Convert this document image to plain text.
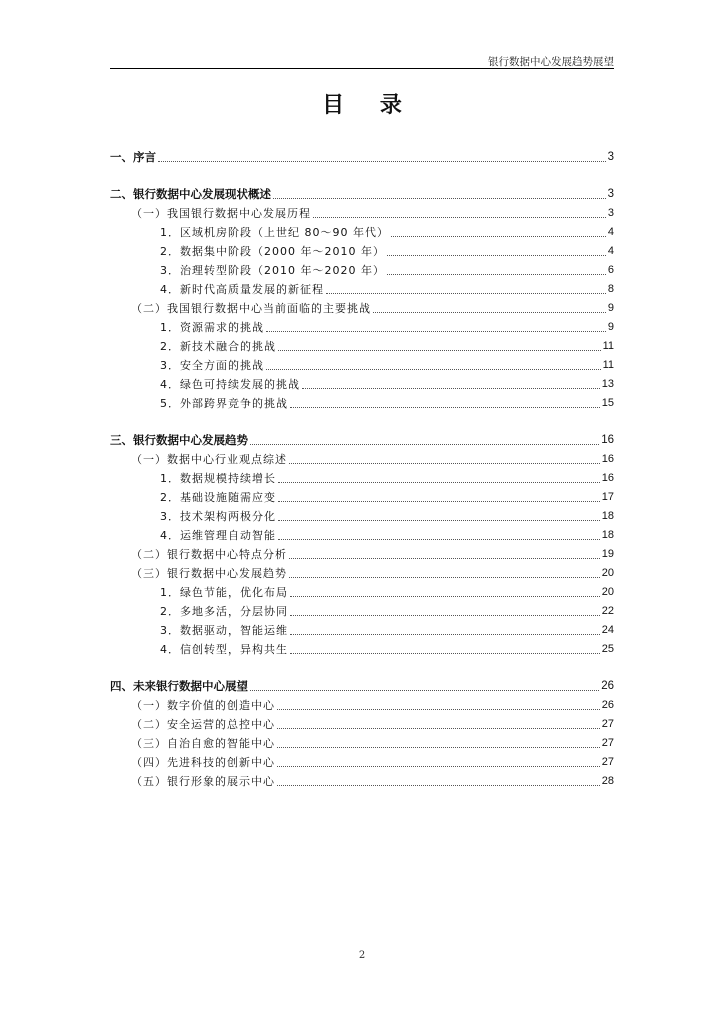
银行数据中心发展趋势展望
目 录
一、序言	3
二、银行数据中心发展现状概述	3
（一）我国银行数据中心发展历程	3
1．区域机房阶段（上世纪 80～90 年代）	4
2．数据集中阶段（2000 年～2010 年）	4
3．治理转型阶段（2010 年～2020 年）	6
4．新时代高质量发展的新征程	8
（二）我国银行数据中心当前面临的主要挑战	9
1．资源需求的挑战	9
2．新技术融合的挑战	11
3．安全方面的挑战	11
4．绿色可持续发展的挑战	13
5．外部跨界竞争的挑战	15
三、银行数据中心发展趋势	16
（一）数据中心行业观点综述	16
1．数据规模持续增长	16
2．基础设施随需应变	17
3．技术架构两极分化	18
4．运维管理自动智能	18
（二）银行数据中心特点分析	19
（三）银行数据中心发展趋势	20
1．绿色节能，优化布局	20
2．多地多活，分层协同	22
3．数据驱动，智能运维	24
4．信创转型，异构共生	25
四、未来银行数据中心展望	26
（一）数字价值的创造中心	26
（二）安全运营的总控中心	27
（三）自治自愈的智能中心	27
（四）先进科技的创新中心	27
（五）银行形象的展示中心	28
2
